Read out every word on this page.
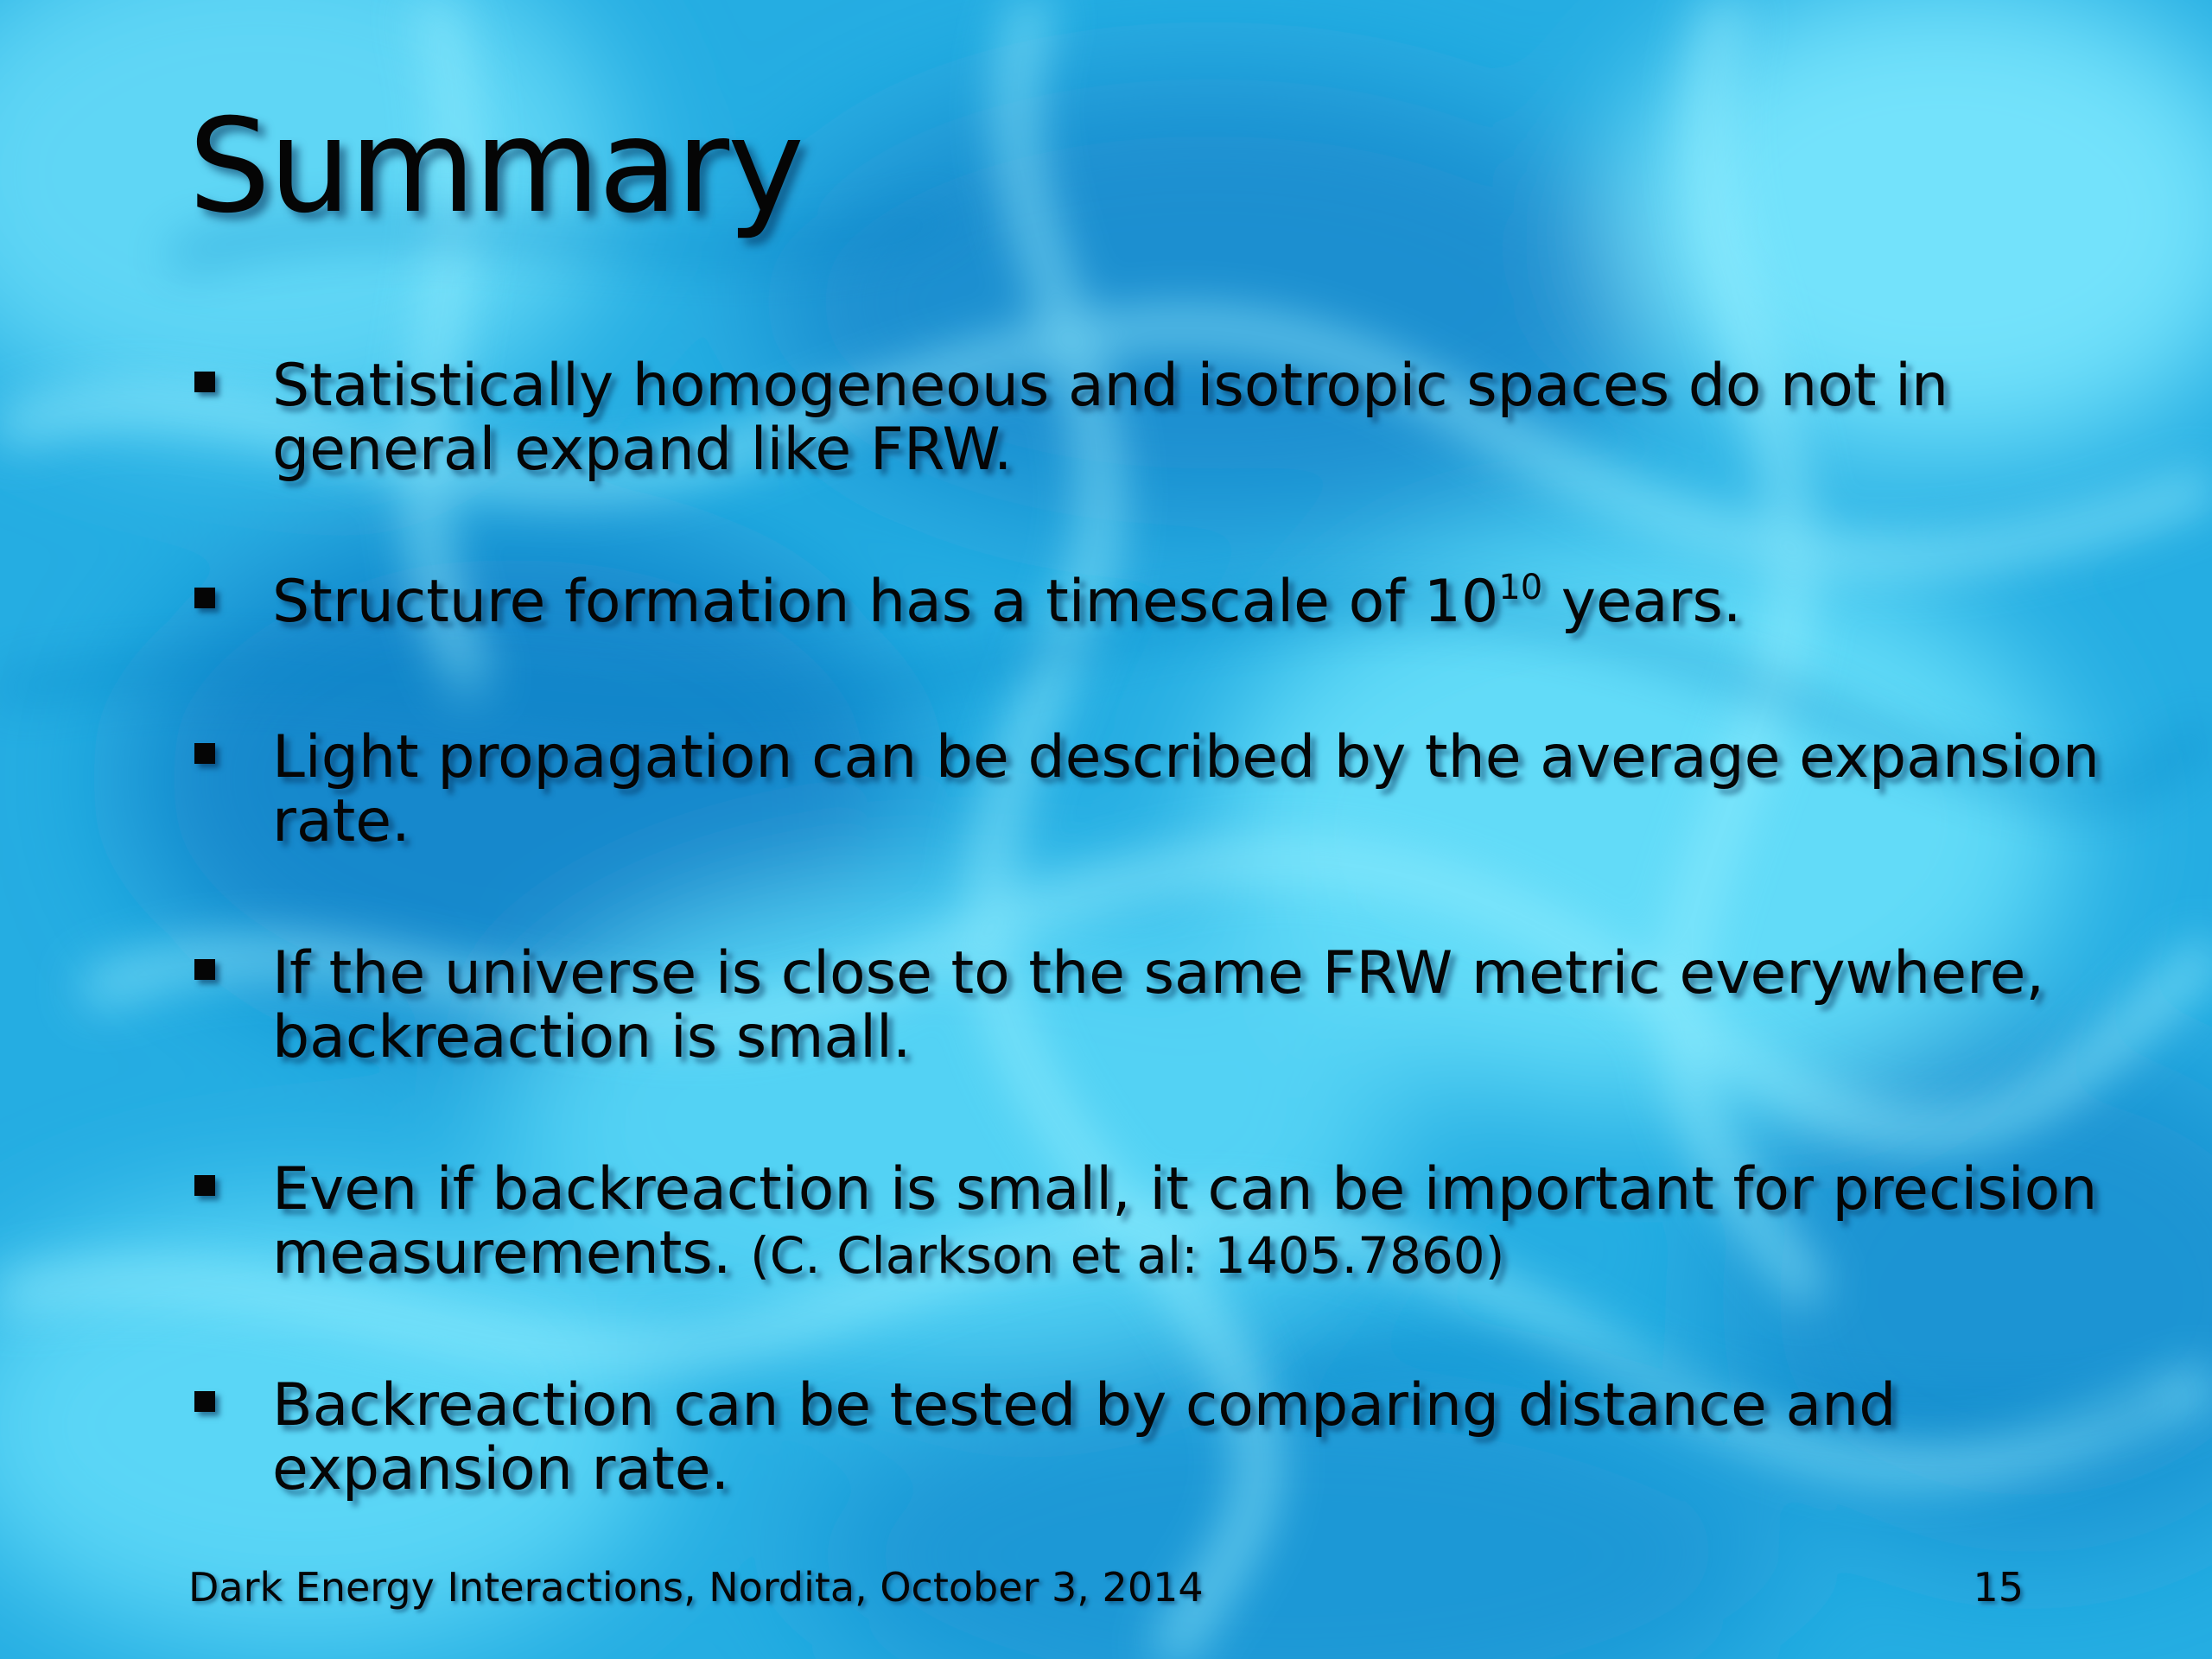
Summary
Statistically homogeneous and isotropic spaces do not in general expand like FRW.
Structure formation has a timescale of $10^{10}$ years.
Light propagation can be described by the average expansion rate.
If the universe is close to the same FRW metric everywhere, backreaction is small.
Even if backreaction is small, it can be important for precision measurements. (C. Clarkson et al: 1405.7860)
Backreaction can be tested by comparing distance and expansion rate.
Dark Energy Interactions, Nordita, October 3, 2014	15
